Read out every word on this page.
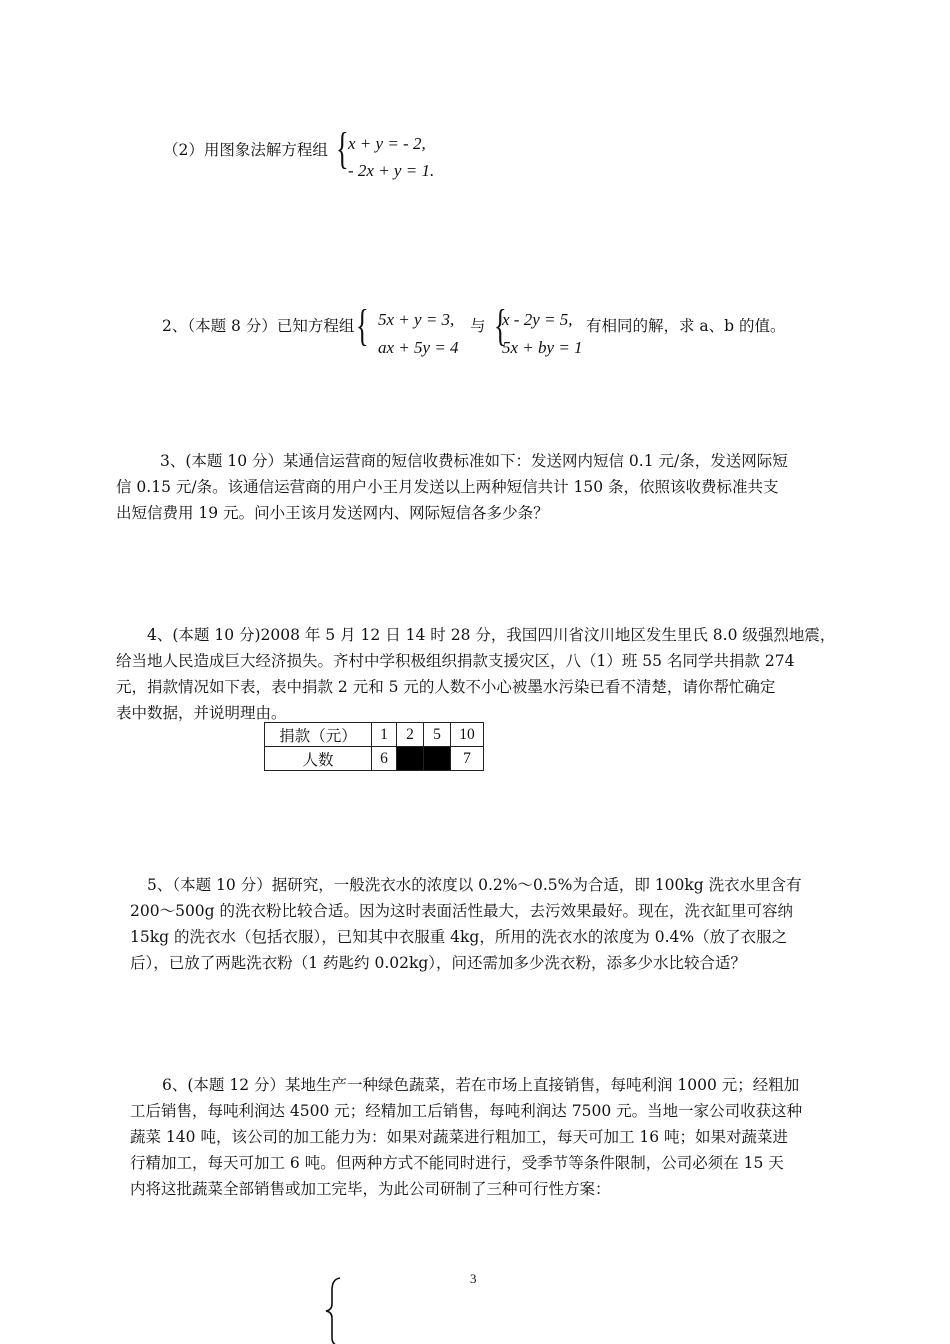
（2）用图象法解方程组 { x + y = - 2,
- 2x + y = 1.
2、（本题 8 分）已知方程组 { 5x + y = 3,
ax + 5y = 4
与 {
x - 2y = 5,
5x + by = 1
有相同的解，求 a、b 的值。
3、(本题 10 分）某通信运营商的短信收费标准如下：发送网内短信 0.1 元/条，发送网际短
信 0.15 元/条。该通信运营商的用户小王月发送以上两种短信共计 150 条，依照该收费标准共支
出短信费用 19 元。问小王该月发送网内、网际短信各多少条？
4、(本题 10 分)2008 年 5 月 12 日 14 时 28 分，我国四川省汶川地区发生里氏 8.0 级强烈地震，
给当地人民造成巨大经济损失。齐村中学积极组织捐款支援灾区，八（1）班 55 名同学共捐款 274
元，捐款情况如下表，表中捐款 2 元和 5 元的人数不小心被墨水污染已看不清楚，请你帮忙确定
表中数据，并说明理由。
捐款（元）	1	2	5	10
人数	6			7
5、（本题 10 分）据研究，一般洗衣水的浓度以 0.2%～0.5%为合适，即 100kg 洗衣水里含有
200～500g 的洗衣粉比较合适。因为这时表面活性最大，去污效果最好。现在，洗衣缸里可容纳
15kg 的洗衣水（包括衣服），已知其中衣服重 4kg，所用的洗衣水的浓度为 0.4%（放了衣服之
后），已放了两匙洗衣粉（1 药匙约 0.02kg），问还需加多少洗衣粉，添多少水比较合适？
6、(本题 12 分）某地生产一种绿色蔬菜，若在市场上直接销售，每吨利润 1000 元；经粗加
工后销售，每吨利润达 4500 元；经精加工后销售，每吨利润达 7500 元。当地一家公司收获这种
蔬菜 140 吨，该公司的加工能力为：如果对蔬菜进行粗加工，每天可加工 16 吨；如果对蔬菜进
行精加工，每天可加工 6 吨。但两种方式不能同时进行，受季节等条件限制，公司必须在 15 天
内将这批蔬菜全部销售或加工完毕，为此公司研制了三种可行性方案：
3
